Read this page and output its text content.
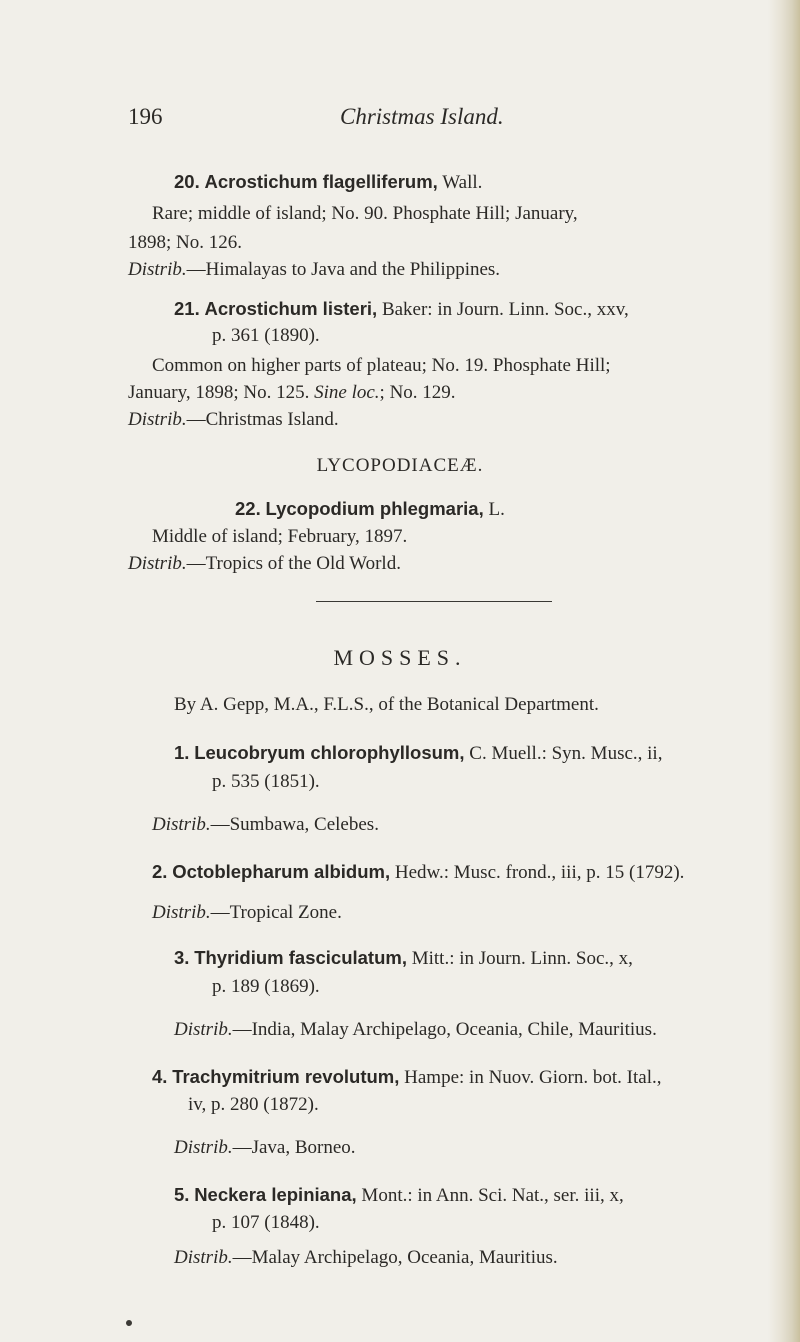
196	Christmas Island.
20. Acrostichum flagelliferum, Wall.
Rare; middle of island; No. 90. Phosphate Hill; January,
1898; No. 126.
Distrib.—Himalayas to Java and the Philippines.
21. Acrostichum listeri, Baker: in Journ. Linn. Soc., xxv,
p. 361 (1890).
Common on higher parts of plateau; No. 19. Phosphate Hill;
January, 1898; No. 125. Sine loc.; No. 129.
Distrib.—Christmas Island.
LYCOPODIACEÆ.
22. Lycopodium phlegmaria, L.
Middle of island; February, 1897.
Distrib.—Tropics of the Old World.
MOSSES.
By A. Gepp, M.A., F.L.S., of the Botanical Department.
1. Leucobryum chlorophyllosum, C. Muell.: Syn. Musc., ii,
p. 535 (1851).
Distrib.—Sumbawa, Celebes.
2. Octoblepharum albidum, Hedw.: Musc. frond., iii, p. 15 (1792).
Distrib.—Tropical Zone.
3. Thyridium fasciculatum, Mitt.: in Journ. Linn. Soc., x,
p. 189 (1869).
Distrib.—India, Malay Archipelago, Oceania, Chile, Mauritius.
4. Trachymitrium revolutum, Hampe: in Nuov. Giorn. bot. Ital.,
iv, p. 280 (1872).
Distrib.—Java, Borneo.
5. Neckera lepiniana, Mont.: in Ann. Sci. Nat., ser. iii, x,
p. 107 (1848).
Distrib.—Malay Archipelago, Oceania, Mauritius.
